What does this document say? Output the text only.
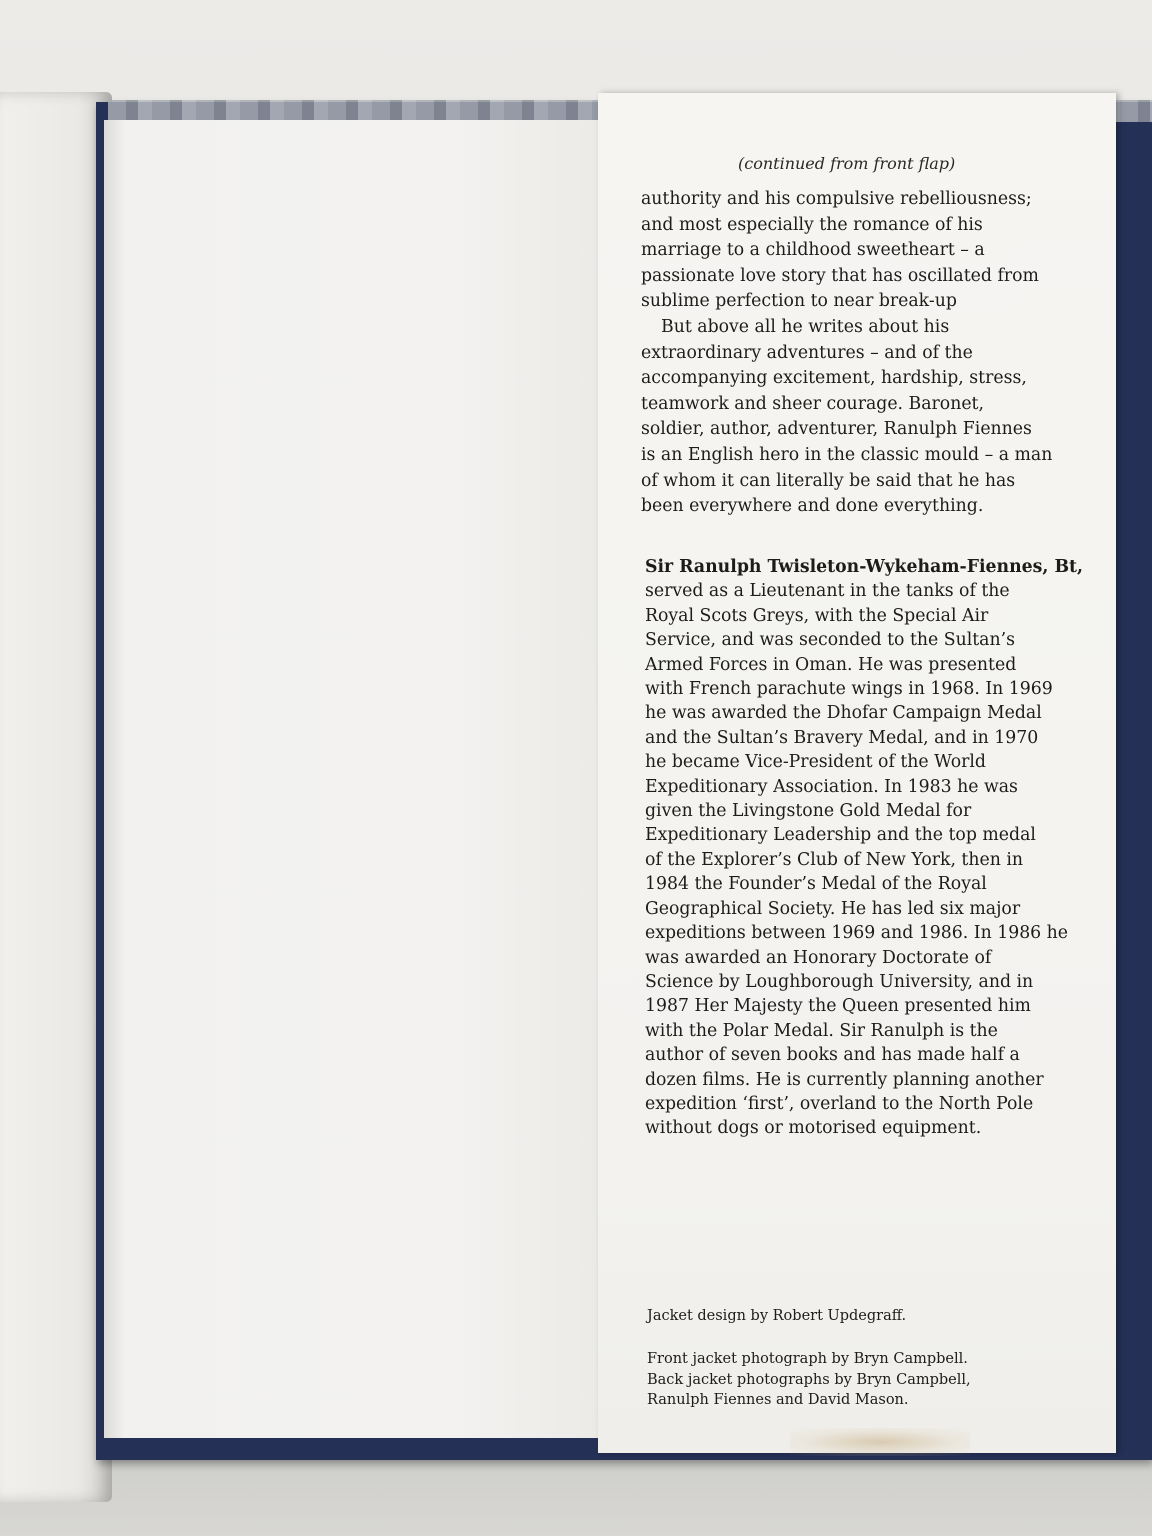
(continued from front flap)
authority and his compulsive rebelliousness;
and most especially the romance of his
marriage to a childhood sweetheart – a
passionate love story that has oscillated from
sublime perfection to near break-up
But above all he writes about his
extraordinary adventures – and of the
accompanying excitement, hardship, stress,
teamwork and sheer courage. Baronet,
soldier, author, adventurer, Ranulph Fiennes
is an English hero in the classic mould – a man
of whom it can literally be said that he has
been everywhere and done everything.
Sir Ranulph Twisleton-Wykeham-Fiennes, Bt,
served as a Lieutenant in the tanks of the
Royal Scots Greys, with the Special Air
Service, and was seconded to the Sultan’s
Armed Forces in Oman. He was presented
with French parachute wings in 1968. In 1969
he was awarded the Dhofar Campaign Medal
and the Sultan’s Bravery Medal, and in 1970
he became Vice-President of the World
Expeditionary Association. In 1983 he was
given the Livingstone Gold Medal for
Expeditionary Leadership and the top medal
of the Explorer’s Club of New York, then in
1984 the Founder’s Medal of the Royal
Geographical Society. He has led six major
expeditions between 1969 and 1986. In 1986 he
was awarded an Honorary Doctorate of
Science by Loughborough University, and in
1987 Her Majesty the Queen presented him
with the Polar Medal. Sir Ranulph is the
author of seven books and has made half a
dozen films. He is currently planning another
expedition ‘first’, overland to the North Pole
without dogs or motorised equipment.
Jacket design by Robert Updegraff.
Front jacket photograph by Bryn Campbell.
Back jacket photographs by Bryn Campbell,
Ranulph Fiennes and David Mason.
